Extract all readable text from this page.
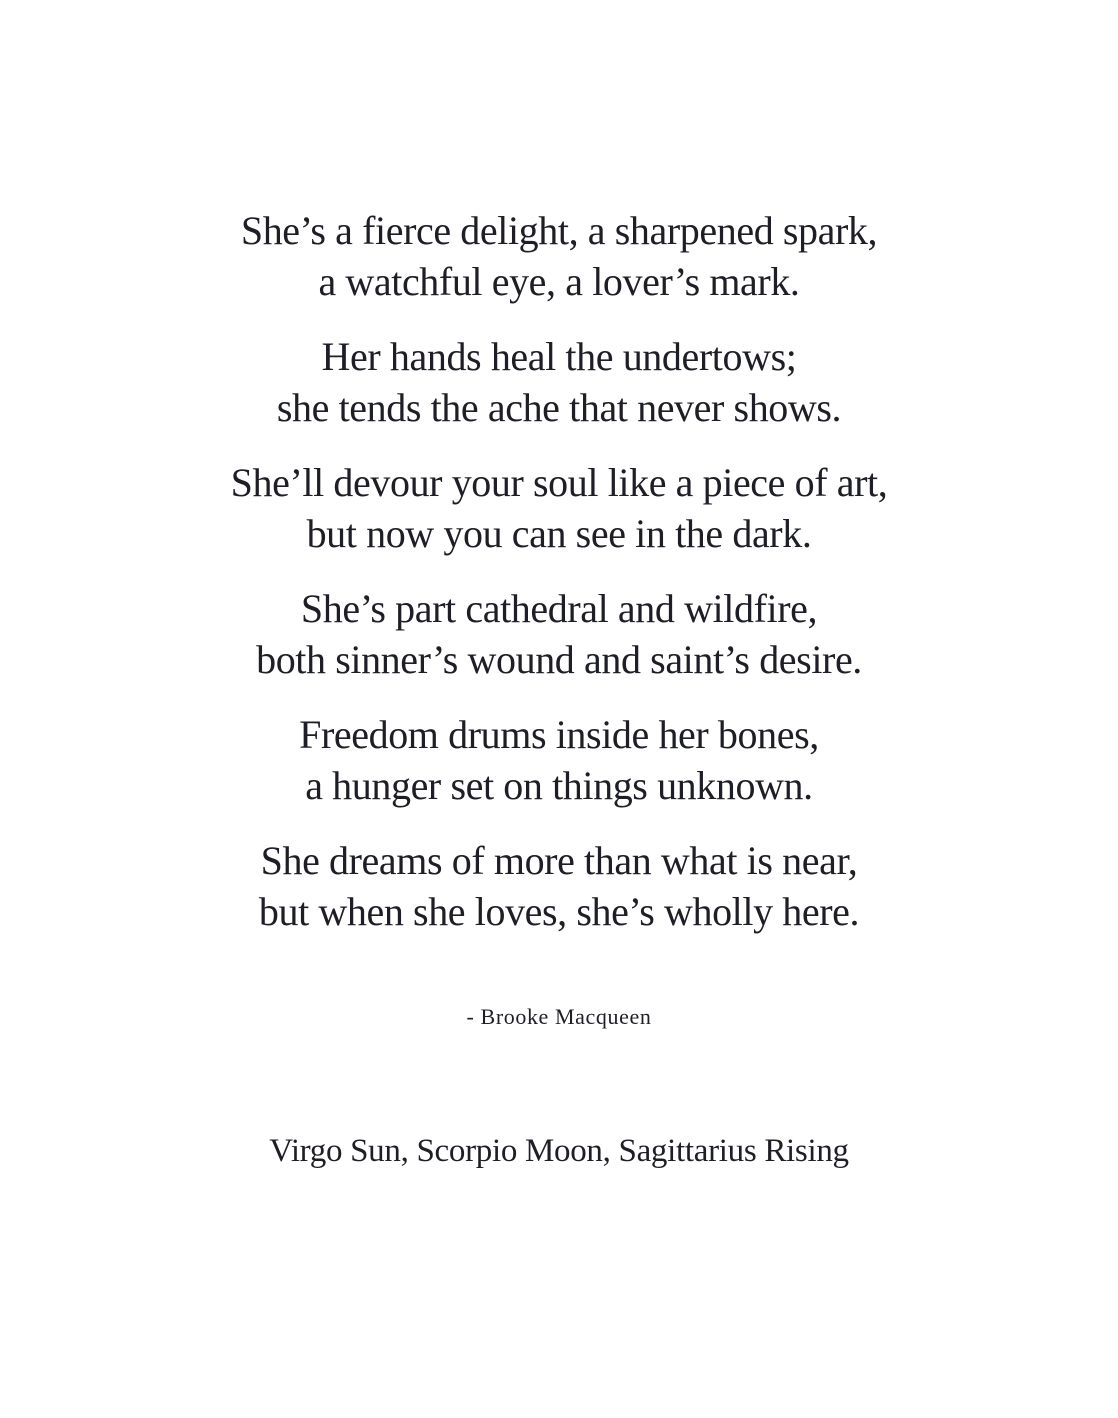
She’s a fierce delight, a sharpened spark,
a watchful eye, a lover’s mark.
Her hands heal the undertows;
she tends the ache that never shows.
She’ll devour your soul like a piece of art,
but now you can see in the dark.
She’s part cathedral and wildfire,
both sinner’s wound and saint’s desire.
Freedom drums inside her bones,
a hunger set on things unknown.
She dreams of more than what is near,
but when she loves, she’s wholly here.
- Brooke Macqueen
Virgo Sun, Scorpio Moon, Sagittarius Rising
